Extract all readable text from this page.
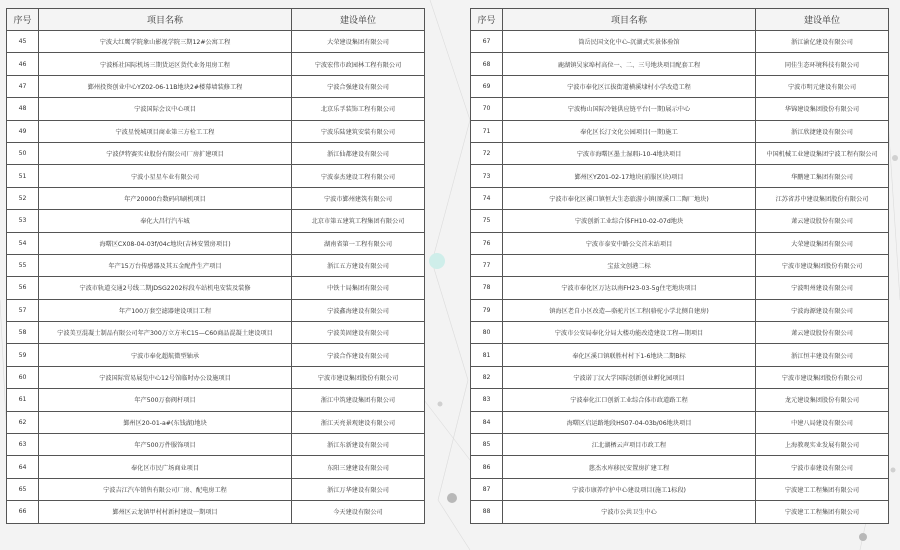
序号	项目名称	建设单位
45	宁波大红鹰学院象山影视学院三期12#公寓工程	大荣建设集团有限公司
46	宁波栎社国际机场三期货运区货代业务用房工程	宁波宏伟市政园林工程有限公司
47	鄞州投资创业中心YZ02-06-11B地块2#楼幕墙装修工程	宁波合强建设有限公司
48	宁波国际会议中心项目	北京乐孚装饰工程有限公司
49	宁波星悦城项目商业第三方检工工程	宁波乐陆建筑安装有限公司
50	宁波伊特赛实业股份有限公司厂房扩建项目	浙江仙都建设有限公司
51	宁波小星星车业有限公司	宁波泰杰建设工程有限公司
52	年产20000台数码印刷机项目	宁波市鄞州建筑有限公司
53	奉化大昌行汽车城	北京市第五建筑工程集团有限公司
54	海曙区CX08-04-03f/04c地块(吉林安置房项目)	湖南省第一工程有限公司
55	年产15万台传感器及其五金配件生产项目	浙江五方建设有限公司
56	宁波市轨道交通2号线二期JDSG2202标段车站机电安装及装修	中铁十局集团有限公司
57	年产100万套空滤器建设项目工程	宁波鑫海建设有限公司
58	宁波美豆混凝土制品有限公司年产300万立方米C15—C60商品混凝土建设项目	宁波美固建设有限公司
59	宁波市奉化超航微型轴承	宁波合作建设有限公司
60	宁波国际贸易展览中心12号馆临时办公设施项目	宁波市建设集团股份有限公司
61	年产500万套阀杆项目	浙江中筑建设集团有限公司
62	鄞州区20-01-a#(东钱湖)地块	浙江天亮景观建设有限公司
63	年产500万件服饰项目	浙江东新建设有限公司
64	奉化区市民广场商业项目	东阳三建建设有限公司
65	宁波吉江汽车销售有限公司厂房、配电房工程	浙江万华建设有限公司
66	鄞州区云龙镇甲村村新村建设一期项目	今天建设有限公司
序号	项目名称	建设单位
67	筒岳民国文化中心-沉湖式实景体验馆	浙江渝亿建设有限公司
68	鹿湖镇吴家埠村高位一、二、三号地块项目配套工程	同佳生态环境科技有限公司
69	宁波市奉化区江拔街道横溪埭村小学改造工程	宁波市明元建设有限公司
70	宁波梅山国际冷链供应链平台(一期)展示中心	华锦建设集团股份有限公司
71	奉化区长汀文化公园项目(一期)施工	浙江欣捷建设有限公司
72	宁波市海曙区墨土湿瑕i-10-4地块项目	中国机械工业建设集团宁波工程有限公司
73	鄞州区YZ01-02-17地块(前服区块)项目	华鹏建工集团有限公司
74	宁波市奉化区溪口镇恒大生态旅游小镇(原溪口二陶厂地块)	江苏省苏中建设集团股份有限公司
75	宁波创新工业综合体FH10-02-07d地块	萧云建设股份有限公司
76	宁波市泰安中路公交首末站项目	大荣建设集团有限公司
77	宝兹文创港二标	宁波市建设集团股份有限公司
78	宁波市奉化区万达以南FH23-03-5g住宅地块项目	宁波明州建设有限公司
79	镇海区老自小区改造—骆驼片区工程(骆驼小学北侧自建房)	宁波海源建设有限公司
80	宁波市公安局奉化分局大楼功能改造建设工程—期项目	萧云建设股份有限公司
81	奉化区溪口镇联胜村村下1-6地块二期B标	浙江恒丰建设有限公司
82	宁波诺丁汉大学国际创新创业孵化园项目	宁波市建设集团股份有限公司
83	宁波奉化江口创新工业综合体市政道路工程	龙元建设集团股份有限公司
84	海曙区启运路地段HS07-04-03b/06地块项目	中建八局建设有限公司
85	江北湖栖云声项目市政工程	上海教观实业发展有限公司
86	慈杰水库移民安置房扩建工程	宁波市泰建设有限公司
87	宁波市康养疗护中心建设项目(施工1标段)	宁波建工工程集团有限公司
88	宁波市公共卫生中心	宁波建工工程集团有限公司
